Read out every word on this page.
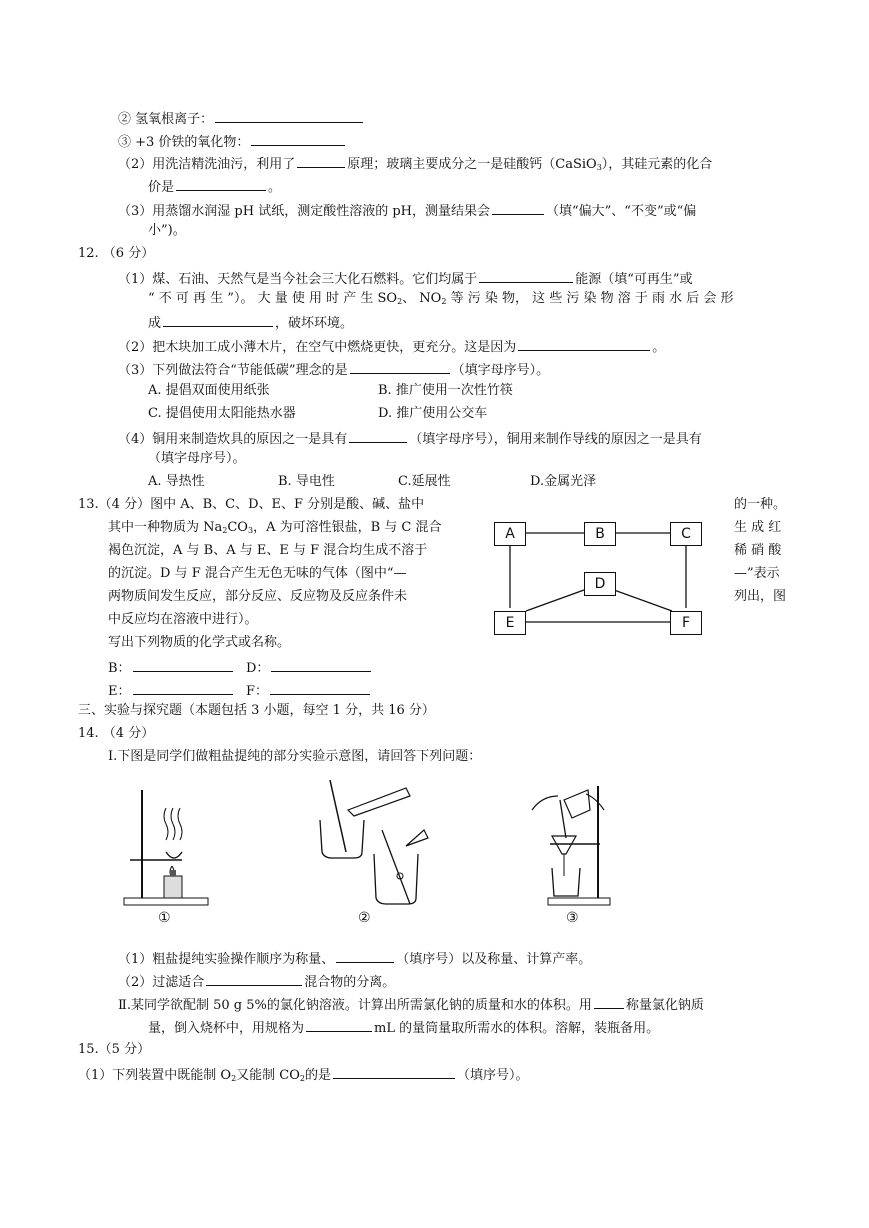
② 氢氧根离子：
③ +3 价铁的氧化物：
（2）用洗洁精洗油污，利用了	原理；玻璃主要成分之一是硅酸钙（CaSiO$_3$），其硅元素的化合
价是	。
（3）用蒸馏水润湿 pH 试纸，测定酸性溶液的 pH，测量结果会	（填“偏大”、“不变”或“偏
小”)。
12. （6 分）
（1）煤、石油、天然气是当今社会三大化石燃料。它们均属于	能源（填“可再生”或
“ 不 可 再 生 ”）。 大 量 使 用 时 产 生 $SO_2$、 $NO_2$ 等 污 染 物， 这 些 污 染 物 溶 于 雨 水 后 会 形
成	，破坏环境。
（2）把木块加工成小薄木片，在空气中燃烧更快，更充分。这是因为	。
（3）下列做法符合“节能低碳”理念的是	（填字母序号）。
A. 提倡双面使用纸张	B. 推广使用一次性竹筷
C. 提倡使用太阳能热水器	D. 推广使用公交车
（4）铜用来制造炊具的原因之一是具有	（填字母序号），铜用来制作导线的原因之一是具有
（填字母序号）。
A. 导热性	B. 导电性	C.延展性	D.金属光泽
13.（4 分）图中 A、B、C、D、E、F 分别是酸、碱、盐中	的一种。
其中一种物质为 $Na_2CO_3$，A 为可溶性银盐，B 与 C 混合	生 成 红
褐色沉淀，A 与 B、A 与 E、E 与 F 混合均生成不溶于	稀 硝 酸
的沉淀。D 与 F 混合产生无色无味的气体（图中“—	—”表示
两物质间发生反应，部分反应、反应物及反应条件未	列出，图
中反应均在溶液中进行）。
写出下列物质的化学式或名称。
B：	D：
E：	F：
A	B	C
D
E	F
三、实验与探究题（本题包括 3 小题，每空 1 分，共 16 分）
14. （4 分）
Ⅰ.下图是同学们做粗盐提纯的部分实验示意图，请回答下列问题：
①	②	③
（1）粗盐提纯实验操作顺序为称量、	（填序号）以及称量、计算产率。
（2）过滤适合	混合物的分离。
Ⅱ.某同学欲配制 50 g 5%的氯化钠溶液。计算出所需氯化钠的质量和水的体积。用	称量氯化钠质
量，倒入烧杯中，用规格为	mL 的量筒量取所需水的体积。溶解，装瓶备用。
15.（5 分）
（1）下列装置中既能制 $O_2$又能制 $CO_2$的是	（填序号）。
